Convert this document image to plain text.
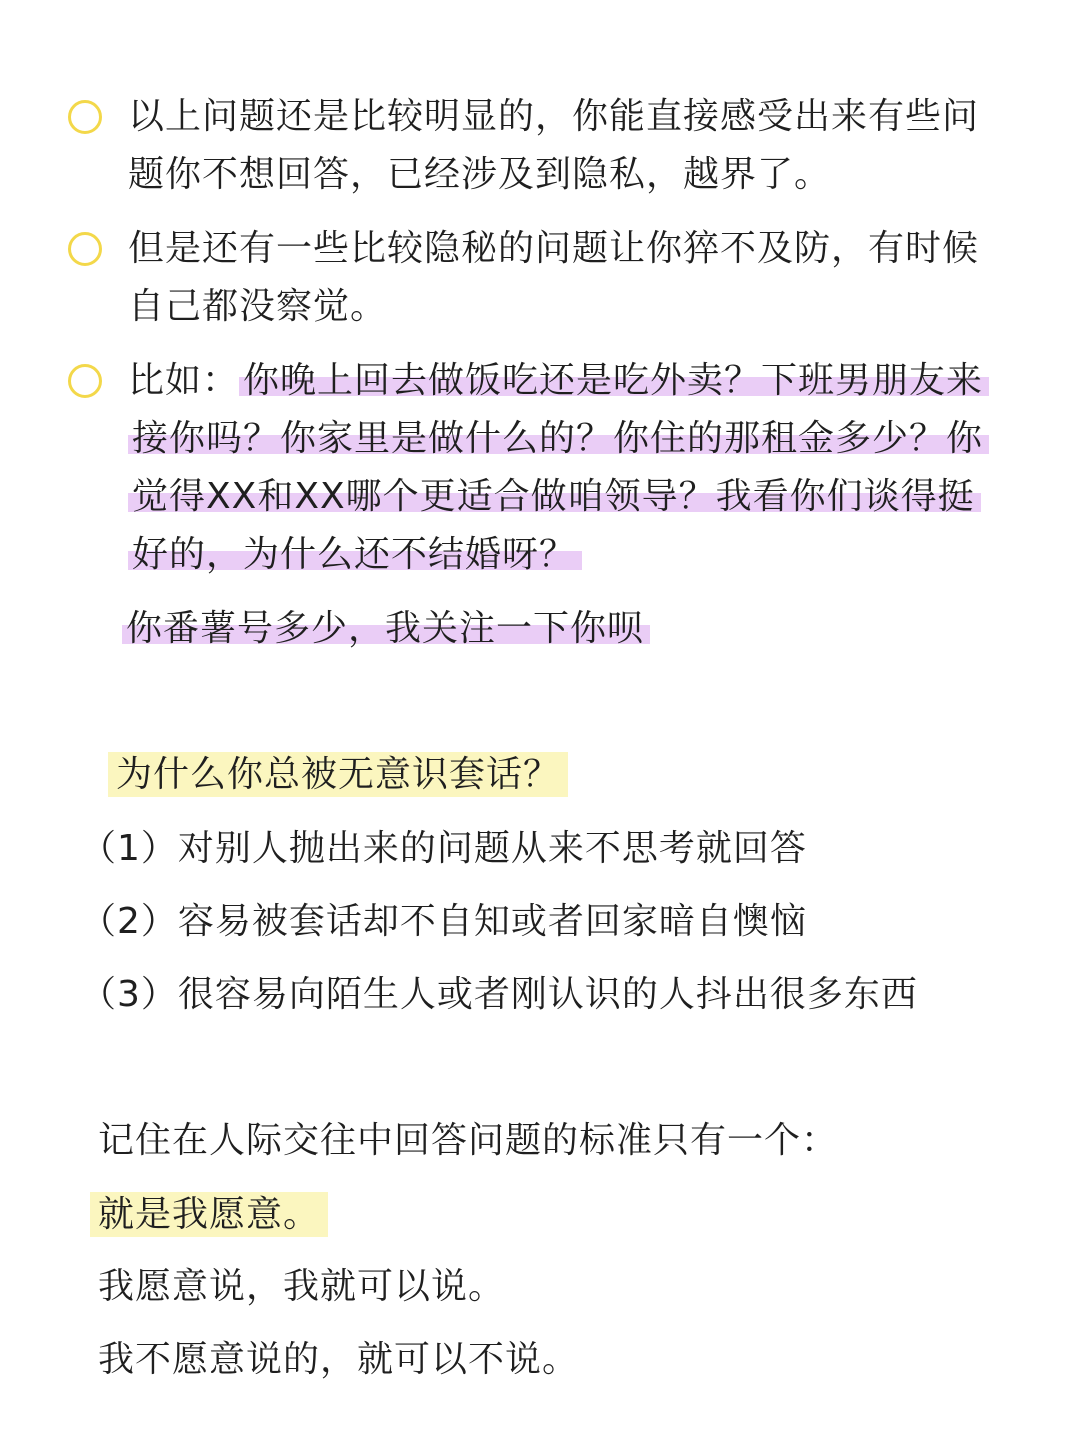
以上问题还是比较明显的，你能直接感受出来有些问题你不想回答，已经涉及到隐私，越界了。
但是还有一些比较隐秘的问题让你猝不及防，有时候自己都没察觉。
比如： 你晚上回去做饭吃还是吃外卖？下班男朋友来接你吗？你家里是做什么的？你住的那租金多少？你觉得XX和XX哪个更适合做咱领导？我看你们谈得挺好的，为什么还不结婚呀？
你番薯号多少，我关注一下你呗
为什么你总被无意识套话？
（1）对别人抛出来的问题从来不思考就回答
（2）容易被套话却不自知或者回家暗自懊恼
（3）很容易向陌生人或者刚认识的人抖出很多东西
记住在人际交往中回答问题的标准只有一个：
就是我愿意。
我愿意说，我就可以说。
我不愿意说的，就可以不说。
